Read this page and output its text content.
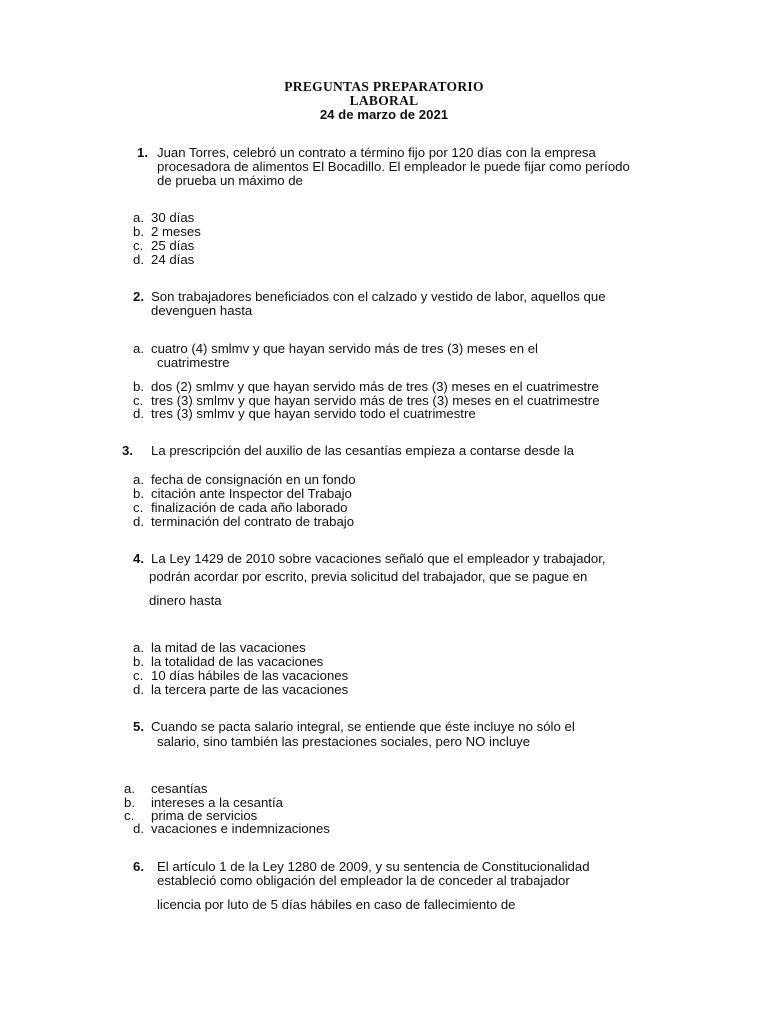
PREGUNTAS PREPARATORIO
LABORAL
24 de marzo de 2021
1. Juan Torres, celebró un contrato a término fijo por 120 días con la empresa
procesadora de alimentos El Bocadillo. El empleador le puede fijar como período
de prueba un máximo de
a. 30 días
b. 2 meses
c. 25 días
d. 24 días
2. Son trabajadores beneficiados con el calzado y vestido de labor, aquellos que
devenguen hasta
a. cuatro (4) smlmv y que hayan servido más de tres (3) meses en el
cuatrimestre
b. dos (2) smlmv y que hayan servido más de tres (3) meses en el cuatrimestre
c. tres (3) smlmv y que hayan servido más de tres (3) meses en el cuatrimestre
d. tres (3) smlmv y que hayan servido todo el cuatrimestre
3. La prescripción del auxilio de las cesantías empieza a contarse desde la
a. fecha de consignación en un fondo
b. citación ante Inspector del Trabajo
c. finalización de cada año laborado
d. terminación del contrato de trabajo
4. La Ley 1429 de 2010 sobre vacaciones señaló que el empleador y trabajador,
podrán acordar por escrito, previa solicitud del trabajador, que se pague en
dinero hasta
a. la mitad de las vacaciones
b. la totalidad de las vacaciones
c. 10 días hábiles de las vacaciones
d. la tercera parte de las vacaciones
5. Cuando se pacta salario integral, se entiende que éste incluye no sólo el
salario, sino también las prestaciones sociales, pero NO incluye
a. cesantías
b. intereses a la cesantía
c. prima de servicios
d. vacaciones e indemnizaciones
6. El artículo 1 de la Ley 1280 de 2009, y su sentencia de Constitucionalidad
estableció como obligación del empleador la de conceder al trabajador
licencia por luto de 5 días hábiles en caso de fallecimiento de
